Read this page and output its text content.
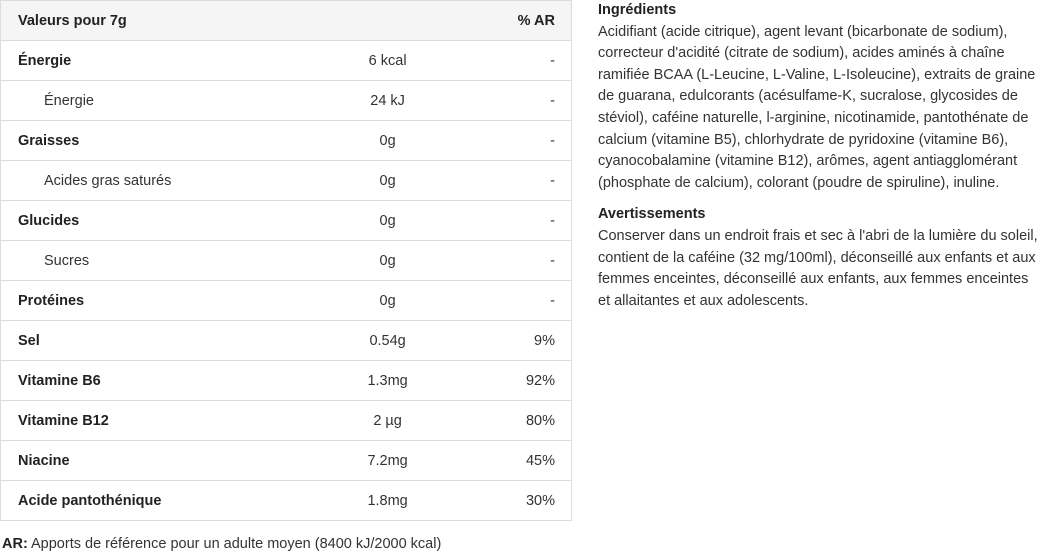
Valeurs pour 7g		% AR
Énergie	6 kcal	-
Énergie	24 kJ	-
Graisses	0g	-
Acides gras saturés	0g	-
Glucides	0g	-
Sucres	0g	-
Protéines	0g	-
Sel	0.54g	9%
Vitamine B6	1.3mg	92%
Vitamine B12	2 µg	80%
Niacine	7.2mg	45%
Acide pantothénique	1.8mg	30%
AR: Apports de référence pour un adulte moyen (8400 kJ/2000 kcal)

Ingrédients

Acidifiant (acide citrique), agent levant (bicarbonate de sodium), correcteur d'acidité (citrate de sodium), acides aminés à chaîne ramifiée BCAA (L-Leucine, L-Valine, L-Isoleucine), extraits de graine de guarana, edulcorants (acésulfame-K, sucralose, glycosides de stéviol), caféine naturelle, l-arginine, nicotinamide, pantothénate de calcium (vitamine B5), chlorhydrate de pyridoxine (vitamine B6), cyanocobalamine (vitamine B12), arômes, agent antiagglomérant (phosphate de calcium), colorant (poudre de spiruline), inuline.

Avertissements

Conserver dans un endroit frais et sec à l'abri de la lumière du soleil, contient de la caféine (32 mg/100ml), déconseillé aux enfants et aux femmes enceintes, déconseillé aux enfants, aux femmes enceintes et allaitantes et aux adolescents.
